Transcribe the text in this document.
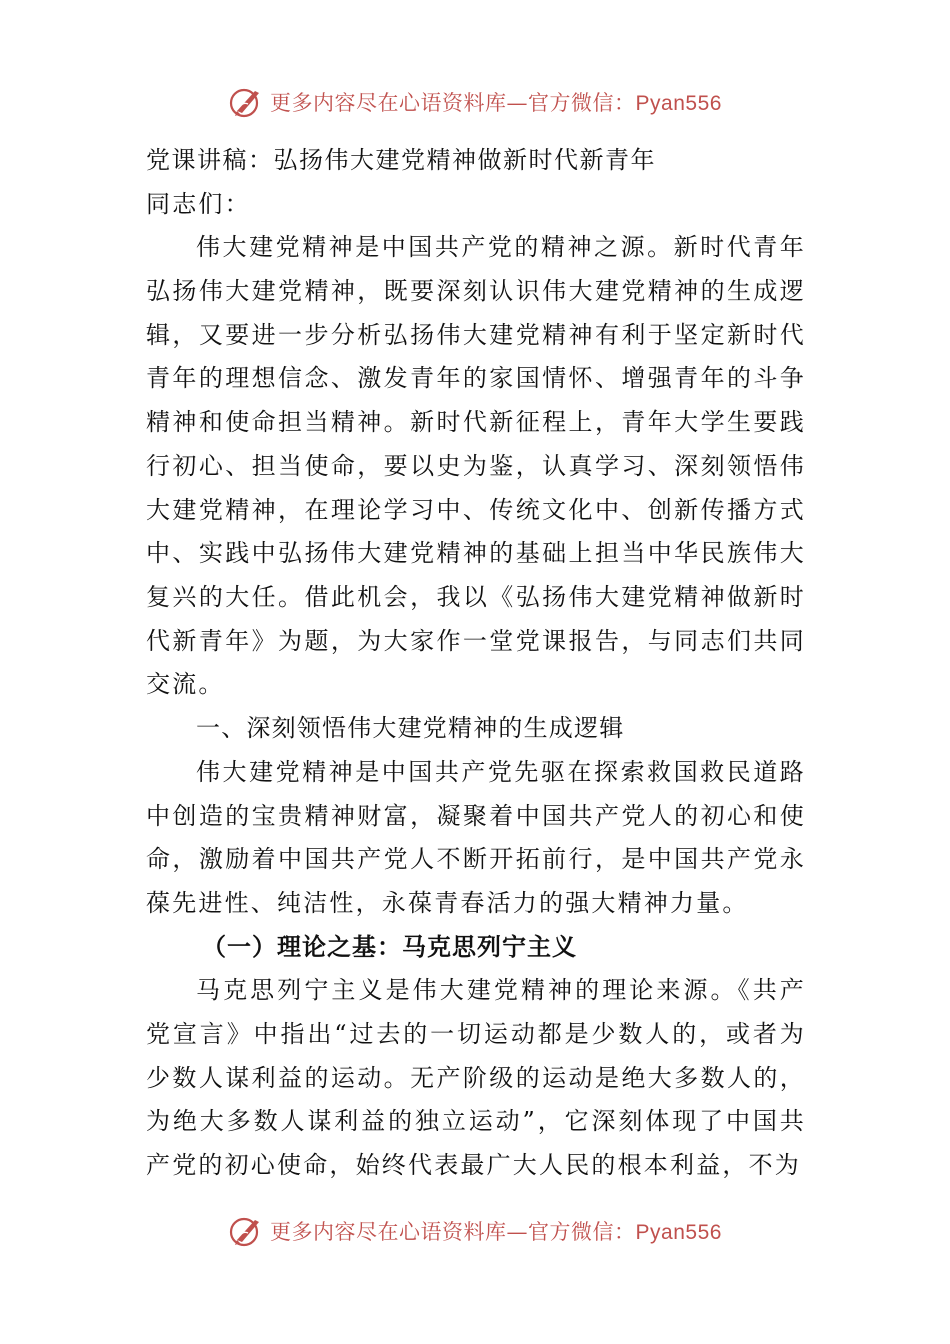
更多内容尽在心语资料库—官方微信：Pyan556
党课讲稿：弘扬伟大建党精神做新时代新青年
同志们：

伟大建党精神是中国共产党的精神之源。新时代青年弘扬伟大建党精神，既要深刻认识伟大建党精神的生成逻辑，又要进一步分析弘扬伟大建党精神有利于坚定新时代青年的理想信念、激发青年的家国情怀、增强青年的斗争精神和使命担当精神。新时代新征程上，青年大学生要践行初心、担当使命，要以史为鉴，认真学习、深刻领悟伟大建党精神，在理论学习中、传统文化中、创新传播方式中、实践中弘扬伟大建党精神的基础上担当中华民族伟大复兴的大任。借此机会，我以《弘扬伟大建党精神做新时代新青年》为题，为大家作一堂党课报告，与同志们共同交流。

一、深刻领悟伟大建党精神的生成逻辑

伟大建党精神是中国共产党先驱在探索救国救民道路中创造的宝贵精神财富，凝聚着中国共产党人的初心和使命，激励着中国共产党人不断开拓前行，是中国共产党永葆先进性、纯洁性，永葆青春活力的强大精神力量。

（一）理论之基：马克思列宁主义

马克思列宁主义是伟大建党精神的理论来源。《共产党宣言》中指出“过去的一切运动都是少数人的，或者为少数人谋利益的运动。无产阶级的运动是绝大多数人的，为绝大多数人谋利益的独立运动”，它深刻体现了中国共产党的初心使命，始终代表最广大人民的根本利益，不为

更多内容尽在心语资料库—官方微信：Pyan556
